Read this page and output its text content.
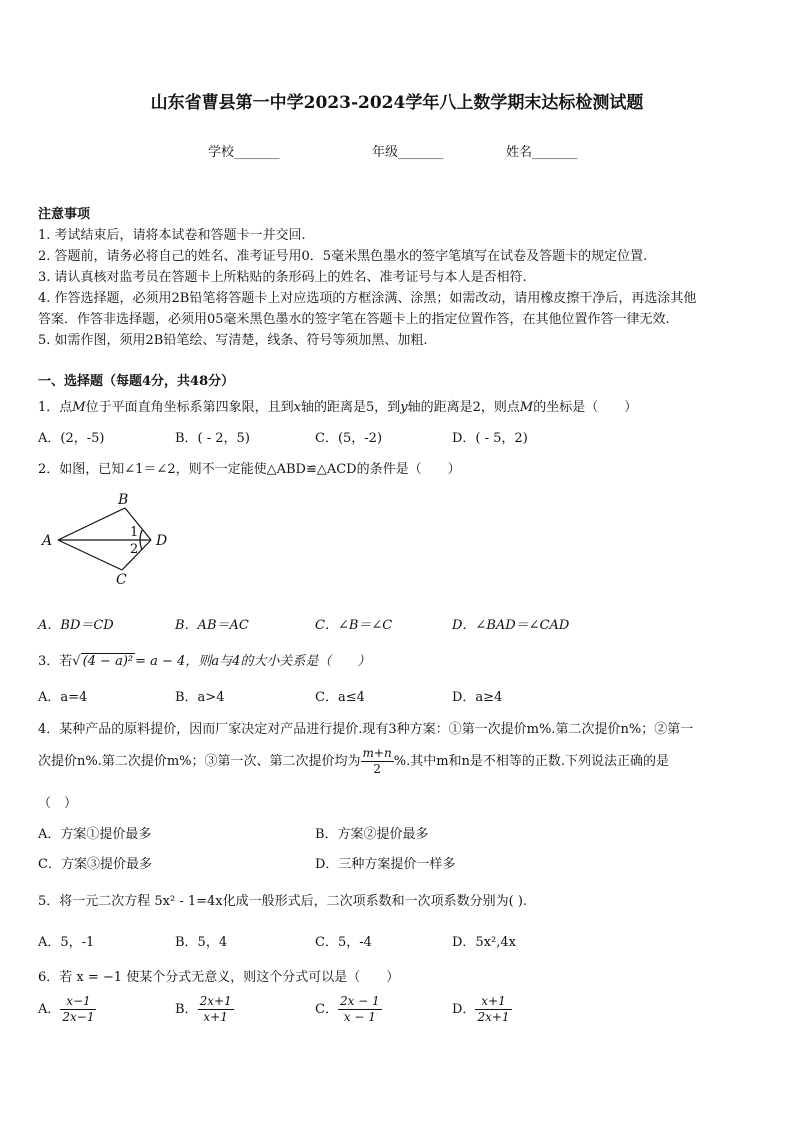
山东省曹县第一中学2023-2024学年八上数学期末达标检测试题
学校_______	年级_______	姓名_______
注意事项
1. 考试结束后，请将本试卷和答题卡一并交回.
2. 答题前，请务必将自己的姓名、准考证号用0．5毫米黑色墨水的签字笔填写在试卷及答题卡的规定位置.
3. 请认真核对监考员在答题卡上所粘贴的条形码上的姓名、准考证号与本人是否相符.
4. 作答选择题，必须用2B铅笔将答题卡上对应选项的方框涂满、涂黑；如需改动，请用橡皮擦干净后，再选涂其他
答案．作答非选择题，必须用05毫米黑色墨水的签字笔在答题卡上的指定位置作答，在其他位置作答一律无效.
5. 如需作图，须用2B铅笔绘、写清楚，线条、符号等须加黑、加粗.
一、选择题（每题4分，共48分）
1．点M位于平面直角坐标系第四象限，且到x轴的距离是5，到y轴的距离是2，则点M的坐标是（　　）
A．(2，-5)	B．( - 2，5)	C．(5，-2)	D．( - 5，2)
2．如图，已知∠1＝∠2，则不一定能使△ABD≌△ACD的条件是（　　）
A
B
C
D
1
2
A．BD＝CD	B．AB＝AC	C．∠B＝∠C	D．∠BAD＝∠CAD
3．若√ (4 − a)² = a − 4，则a与4的大小关系是（　　）
A．a=4	B．a>4	C．a≤4	D．a≥4
4．某种产品的原料提价，因而厂家决定对产品进行提价.现有3种方案：①第一次提价m%.第二次提价n%；②第一
次提价n%.第二次提价m%；③第一次、第二次提价均为 $\frac{m+n}{2}$ %.其中m和n是不相等的正数.下列说法正确的是
（　）
A．方案①提价最多	B．方案②提价最多
C．方案③提价最多	D．三种方案提价一样多
5．将一元二次方程 5x² - 1=4x化成一般形式后，二次项系数和一次项系数分别为( ).
A．5，-1	B．5，4	C．5，-4	D．5x²,4x
6．若 x = −1 使某个分式无意义，则这个分式可以是（　　）
A． $\frac{x-1}{2x-1}$	B． $\frac{2x+1}{x+1}$	C． $\frac{2x - 1}{x - 1}$	D． $\frac{x+1}{2x+1}$
